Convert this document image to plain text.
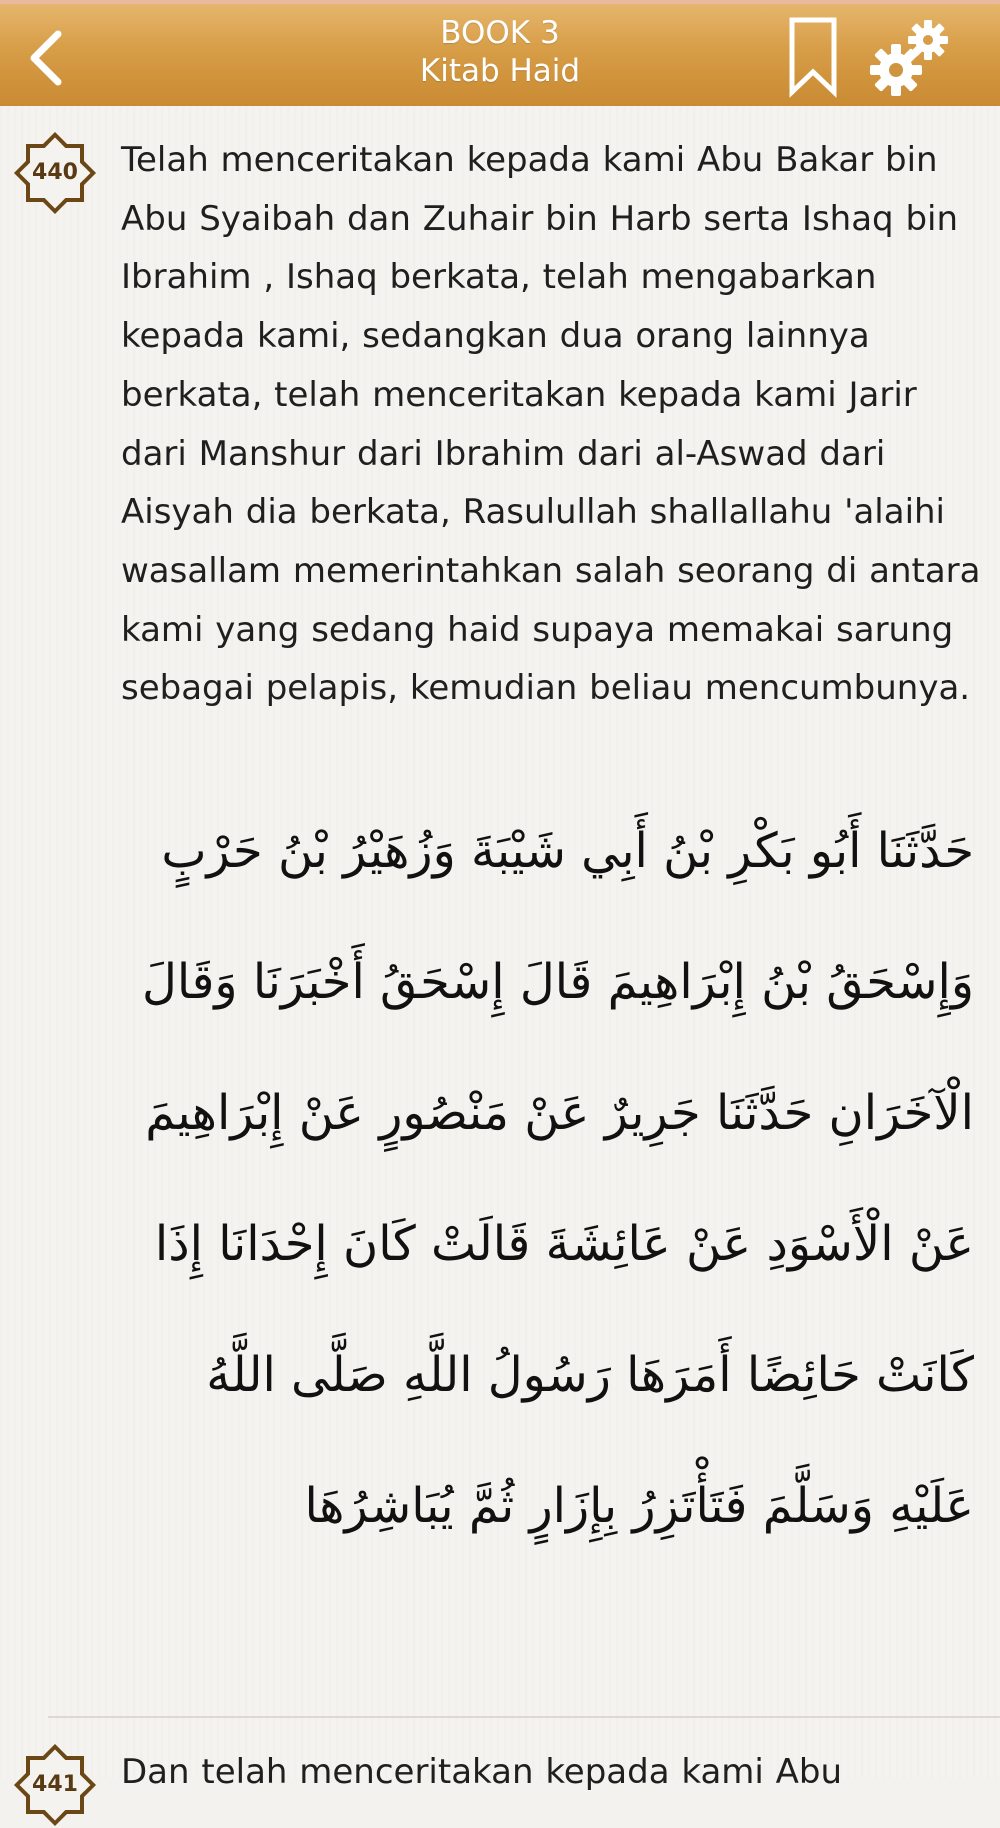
BOOK 3
Kitab Haid
440	Telah menceritakan kepada kami Abu Bakar bin Abu Syaibah dan Zuhair bin Harb serta Ishaq bin Ibrahim , Ishaq berkata, telah mengabarkan kepada kami, sedangkan dua orang lainnya berkata, telah menceritakan kepada kami Jarir dari Manshur dari Ibrahim dari al-Aswad dari Aisyah dia berkata, Rasulullah shallallahu 'alaihi wasallam memerintahkan salah seorang di antara kami yang sedang haid supaya memakai sarung sebagai pelapis, kemudian beliau mencumbunya.
حَدَّثَنَا أَبُو بَكْرِ بْنُ أَبِي شَيْبَةَ وَزُهَيْرُ بْنُ حَرْبٍ وَإِسْحَقُ بْنُ إِبْرَاهِيمَ قَالَ إِسْحَقُ أَخْبَرَنَا وَقَالَ الْآخَرَانِ حَدَّثَنَا جَرِيرٌ عَنْ مَنْصُورٍ عَنْ إِبْرَاهِيمَ عَنْ الْأَسْوَدِ عَنْ عَائِشَةَ قَالَتْ كَانَ إِحْدَانَا إِذَا كَانَتْ حَائِضًا أَمَرَهَا رَسُولُ اللَّهِ صَلَّى اللَّهُ عَلَيْهِ وَسَلَّمَ فَتَأْتَزِرُ بِإِزَارٍ ثُمَّ يُبَاشِرُهَا
441	Dan telah menceritakan kepada kami Abu
